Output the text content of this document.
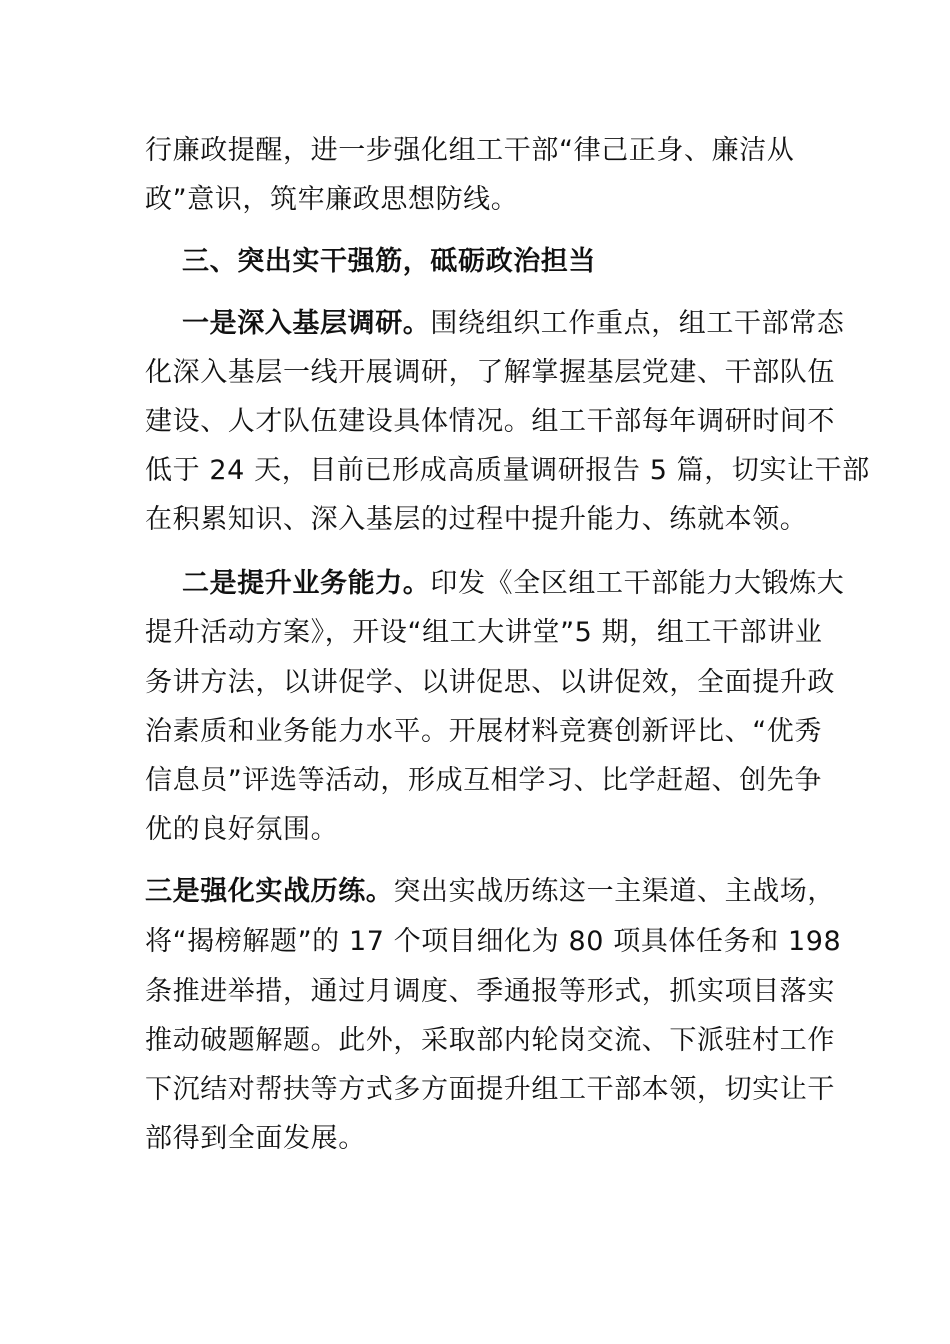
行廉政提醒，进一步强化组工干部“律己正身、廉洁从
政”意识，筑牢廉政思想防线。
三、突出实干强筋，砥砺政治担当
一是深入基层调研。围绕组织工作重点，组工干部常态
化深入基层一线开展调研，了解掌握基层党建、干部队伍
建设、人才队伍建设具体情况。组工干部每年调研时间不
低于 24 天，目前已形成高质量调研报告 5 篇，切实让干部
在积累知识、深入基层的过程中提升能力、练就本领。
二是提升业务能力。印发《全区组工干部能力大锻炼大
提升活动方案》，开设“组工大讲堂”5 期，组工干部讲业
务讲方法，以讲促学、以讲促思、以讲促效，全面提升政
治素质和业务能力水平。开展材料竞赛创新评比、“优秀
信息员”评选等活动，形成互相学习、比学赶超、创先争
优的良好氛围。
三是强化实战历练。突出实战历练这一主渠道、主战场，
将“揭榜解题”的 17 个项目细化为 80 项具体任务和 198
条推进举措，通过月调度、季通报等形式，抓实项目落实
推动破题解题。此外，采取部内轮岗交流、下派驻村工作
下沉结对帮扶等方式多方面提升组工干部本领，切实让干
部得到全面发展。
